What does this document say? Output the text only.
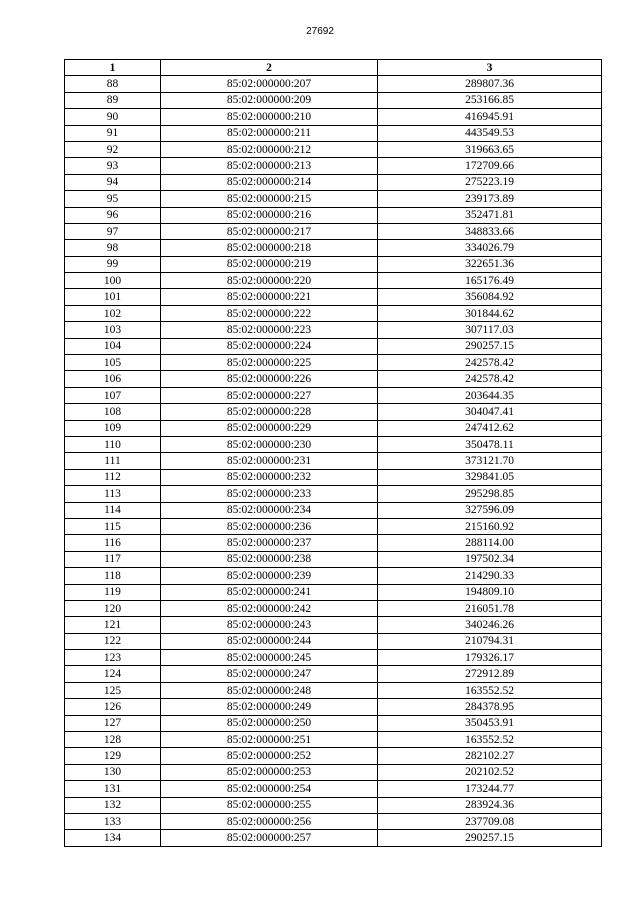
27692
1	2	3
88	85:02:000000:207	289807.36
89	85:02:000000:209	253166.85
90	85:02:000000:210	416945.91
91	85:02:000000:211	443549.53
92	85:02:000000:212	319663.65
93	85:02:000000:213	172709.66
94	85:02:000000:214	275223.19
95	85:02:000000:215	239173.89
96	85:02:000000:216	352471.81
97	85:02:000000:217	348833.66
98	85:02:000000:218	334026.79
99	85:02:000000:219	322651.36
100	85:02:000000:220	165176.49
101	85:02:000000:221	356084.92
102	85:02:000000:222	301844.62
103	85:02:000000:223	307117.03
104	85:02:000000:224	290257.15
105	85:02:000000:225	242578.42
106	85:02:000000:226	242578.42
107	85:02:000000:227	203644.35
108	85:02:000000:228	304047.41
109	85:02:000000:229	247412.62
110	85:02:000000:230	350478.11
111	85:02:000000:231	373121.70
112	85:02:000000:232	329841.05
113	85:02:000000:233	295298.85
114	85:02:000000:234	327596.09
115	85:02:000000:236	215160.92
116	85:02:000000:237	288114.00
117	85:02:000000:238	197502.34
118	85:02:000000:239	214290.33
119	85:02:000000:241	194809.10
120	85:02:000000:242	216051.78
121	85:02:000000:243	340246.26
122	85:02:000000:244	210794.31
123	85:02:000000:245	179326.17
124	85:02:000000:247	272912.89
125	85:02:000000:248	163552.52
126	85:02:000000:249	284378.95
127	85:02:000000:250	350453.91
128	85:02:000000:251	163552.52
129	85:02:000000:252	282102.27
130	85:02:000000:253	202102.52
131	85:02:000000:254	173244.77
132	85:02:000000:255	283924.36
133	85:02:000000:256	237709.08
134	85:02:000000:257	290257.15
